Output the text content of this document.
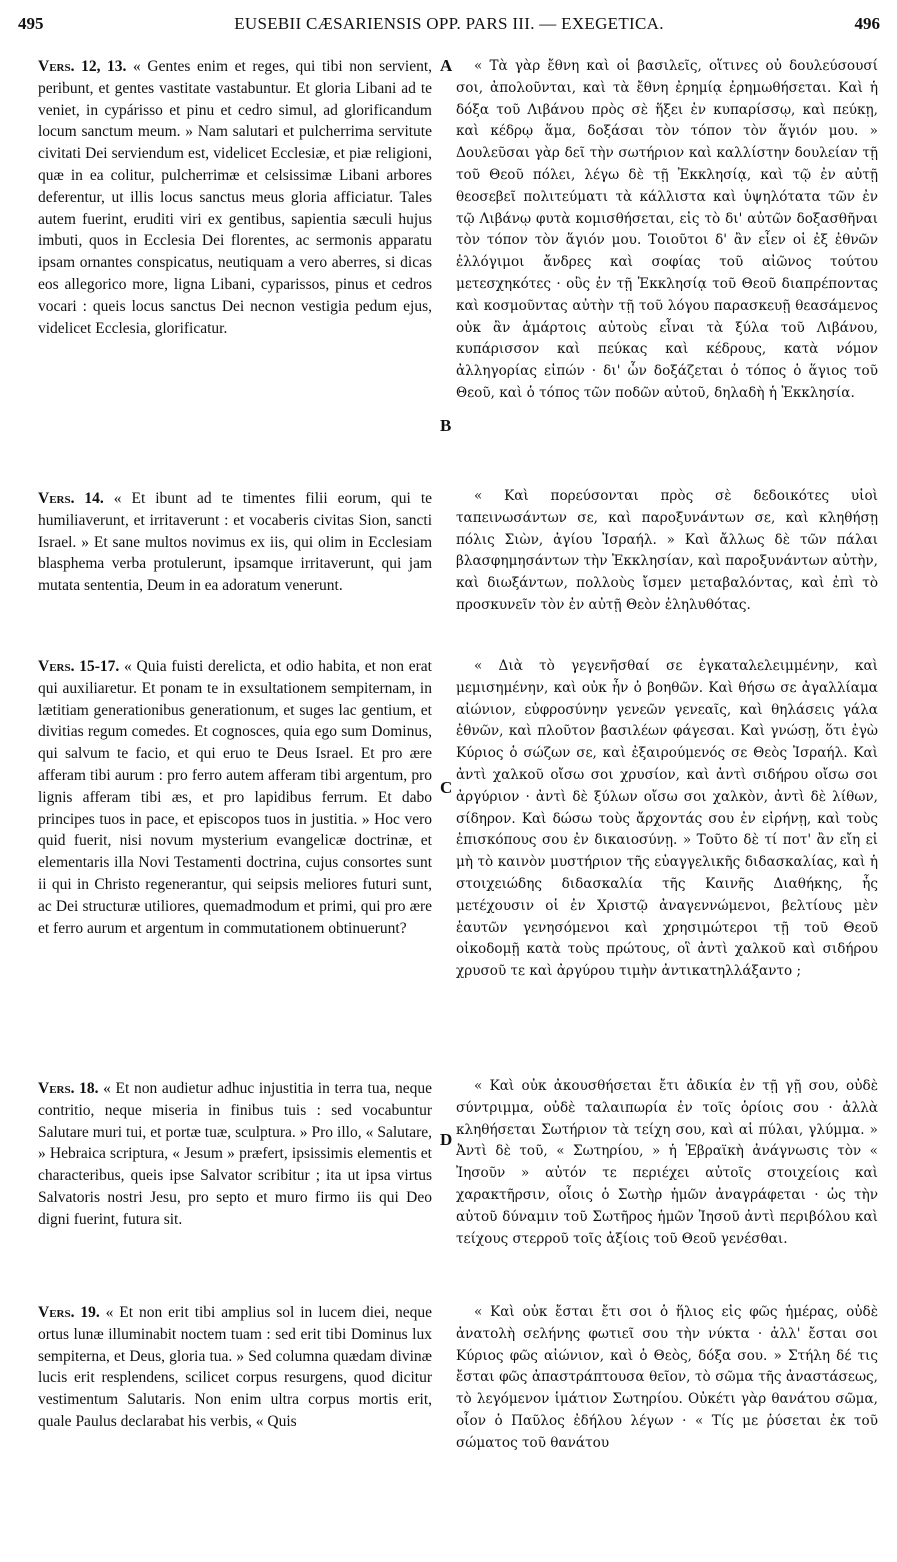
495	EUSEBII CÆSARIENSIS OPP. PARS III. — EXEGETICA.	496
A
B
C
D

Vers. 12, 13. « Gentes enim et reges, qui tibi non servient, peribunt, et gentes vastitate vastabuntur. Et gloria Libani ad te veniet, in cypárisso et pinu et cedro simul, ad glorificandum locum sanctum meum. » Nam salutari et pulcherrima servitute civitati Dei serviendum est, videlicet Ecclesiæ, et piæ religioni, quæ in ea colitur, pulcherrimæ et celsissimæ Libani arbores deferentur, ut illis locus sanctus meus gloria afficiatur. Tales autem fuerint, eruditi viri ex gentibus, sapientia sæculi hujus imbuti, quos in Ecclesia Dei florentes, ac sermonis apparatu ipsam ornantes conspicatus, neutiquam a vero aberres, si dicas eos allegorico more, ligna Libani, cyparissos, pinus et cedros vocari : queis locus sanctus Dei necnon vestigia pedum ejus, videlicet Ecclesia, glorificatur.

Vers. 14. « Et ibunt ad te timentes filii eorum, qui te humiliaverunt, et irritaverunt : et vocaberis civitas Sion, sancti Israel. » Et sane multos novimus ex iis, qui olim in Ecclesiam blasphema verba protulerunt, ipsamque irritaverunt, qui jam mutata sententia, Deum in ea adoratum venerunt.

Vers. 15-17. « Quia fuisti derelicta, et odio habita, et non erat qui auxiliaretur. Et ponam te in exsultationem sempiternam, in lætitiam generationibus generationum, et suges lac gentium, et divitias regum comedes. Et cognosces, quia ego sum Dominus, qui salvum te facio, et qui eruo te Deus Israel. Et pro ære afferam tibi aurum : pro ferro autem afferam tibi argentum, pro lignis afferam tibi æs, et pro lapidibus ferrum. Et dabo principes tuos in pace, et episcopos tuos in justitia. » Hoc vero quid fuerit, nisi novum mysterium evangelicæ doctrinæ, et elementaris illa Novi Testamenti doctrina, cujus consortes sunt ii qui in Christo regenerantur, qui seipsis meliores futuri sunt, ac Dei structuræ utiliores, quemadmodum et primi, qui pro ære et ferro aurum et argentum in commutationem obtinuerunt?

Vers. 18. « Et non audietur adhuc injustitia in terra tua, neque contritio, neque miseria in finibus tuis : sed vocabuntur Salutare muri tui, et portæ tuæ, sculptura. » Pro illo, « Salutare, » Hebraica scriptura, « Jesum » præfert, ipsissimis elementis et characteribus, queis ipse Salvator scribitur ; ita ut ipsa virtus Salvatoris nostri Jesu, pro septo et muro firmo iis qui Deo digni fuerint, futura sit.

Vers. 19. « Et non erit tibi amplius sol in lucem diei, neque ortus lunæ illuminabit noctem tuam : sed erit tibi Dominus lux sempiterna, et Deus, gloria tua. » Sed columna quædam divinæ lucis erit resplendens, scilicet corpus resurgens, quod dicitur vestimentum Salutaris. Non enim ultra corpus mortis erit, quale Paulus declarabat his verbis, « Quis

« Τὰ γὰρ ἔθνη καὶ οἱ βασιλεῖς, οἵτινες οὐ δουλεύσουσί σοι, ἀπολοῦνται, καὶ τὰ ἔθνη ἐρημίᾳ ἐρημωθήσεται. Καὶ ἡ δόξα τοῦ Λιβάνου πρὸς σὲ ἥξει ἐν κυπαρίσσῳ, καὶ πεύκῃ, καὶ κέδρῳ ἅμα, δοξάσαι τὸν τόπον τὸν ἅγιόν μου. » Δουλεῦσαι γὰρ δεῖ τὴν σωτήριον καὶ καλλίστην δουλείαν τῇ τοῦ Θεοῦ πόλει, λέγω δὲ τῇ Ἐκκλησίᾳ, καὶ τῷ ἐν αὐτῇ θεοσεβεῖ πολιτεύματι τὰ κάλλιστα καὶ ὑψηλότατα τῶν ἐν τῷ Λιβάνῳ φυτὰ κομισθήσεται, εἰς τὸ δι' αὐτῶν δοξασθῆναι τὸν τόπον τὸν ἅγιόν μου. Τοιοῦτοι δ' ἂν εἶεν οἱ ἐξ ἐθνῶν ἐλλόγιμοι ἄνδρες καὶ σοφίας τοῦ αἰῶνος τούτου μετεσχηκότες · οὓς ἐν τῇ Ἐκκλησίᾳ τοῦ Θεοῦ διαπρέποντας καὶ κοσμοῦντας αὐτὴν τῇ τοῦ λόγου παρασκευῇ θεασάμενος οὐκ ἂν ἁμάρτοις αὐτοὺς εἶναι τὰ ξύλα τοῦ Λιβάνου, κυπάρισσον καὶ πεύκας καὶ κέδρους, κατὰ νόμον ἀλληγορίας εἰπών · δι' ὧν δοξάζεται ὁ τόπος ὁ ἅγιος τοῦ Θεοῦ, καὶ ὁ τόπος τῶν ποδῶν αὐτοῦ, δηλαδὴ ἡ Ἐκκλησία.

« Καὶ πορεύσονται πρὸς σὲ δεδοικότες υἱοὶ ταπεινωσάντων σε, καὶ παροξυνάντων σε, καὶ κληθήσῃ πόλις Σιὼν, ἁγίου Ἰσραήλ. » Καὶ ἄλλως δὲ τῶν πάλαι βλασφημησάντων τὴν Ἐκκλησίαν, καὶ παροξυνάντων αὐτὴν, καὶ διωξάντων, πολλοὺς ἴσμεν μεταβαλόντας, καὶ ἐπὶ τὸ προσκυνεῖν τὸν ἐν αὐτῇ Θεὸν ἐληλυθότας.

« Διὰ τὸ γεγενῆσθαί σε ἐγκαταλελειμμένην, καὶ μεμισημένην, καὶ οὐκ ἦν ὁ βοηθῶν. Καὶ θήσω σε ἀγαλλίαμα αἰώνιον, εὐφροσύνην γενεῶν γενεαῖς, καὶ θηλάσεις γάλα ἐθνῶν, καὶ πλοῦτον βασιλέων φάγεσαι. Καὶ γνώσῃ, ὅτι ἐγὼ Κύριος ὁ σώζων σε, καὶ ἐξαιρούμενός σε Θεὸς Ἰσραήλ. Καὶ ἀντὶ χαλκοῦ οἴσω σοι χρυσίον, καὶ ἀντὶ σιδήρου οἴσω σοι ἀργύριον · ἀντὶ δὲ ξύλων οἴσω σοι χαλκὸν, ἀντὶ δὲ λίθων, σίδηρον. Καὶ δώσω τοὺς ἄρχοντάς σου ἐν εἰρήνῃ, καὶ τοὺς ἐπισκόπους σου ἐν δικαιοσύνῃ. » Τοῦτο δὲ τί ποτ' ἂν εἴη εἰ μὴ τὸ καινὸν μυστήριον τῆς εὐαγγελικῆς διδασκαλίας, καὶ ἡ στοιχειώδης διδασκαλία τῆς Καινῆς Διαθήκης, ἧς μετέχουσιν οἱ ἐν Χριστῷ ἀναγεννώμενοι, βελτίους μὲν ἑαυτῶν γενησόμενοι καὶ χρησιμώτεροι τῇ τοῦ Θεοῦ οἰκοδομῇ κατὰ τοὺς πρώτους, οἳ ἀντὶ χαλκοῦ καὶ σιδήρου χρυσοῦ τε καὶ ἀργύρου τιμὴν ἀντικατηλλάξαντο ;

« Καὶ οὐκ ἀκουσθήσεται ἔτι ἀδικία ἐν τῇ γῇ σου, οὐδὲ σύντριμμα, οὐδὲ ταλαιπωρία ἐν τοῖς ὁρίοις σου · ἀλλὰ κληθήσεται Σωτήριον τὰ τείχη σου, καὶ αἱ πύλαι, γλύμμα. » Ἀντὶ δὲ τοῦ, « Σωτηρίου, » ἡ Ἑβραϊκὴ ἀνάγνωσις τὸν « Ἰησοῦν » αὐτόν τε περιέχει αὐτοῖς στοιχείοις καὶ χαρακτῆρσιν, οἷοις ὁ Σωτὴρ ἡμῶν ἀναγράφεται · ὡς τὴν αὐτοῦ δύναμιν τοῦ Σωτῆρος ἡμῶν Ἰησοῦ ἀντὶ περιβόλου καὶ τείχους στερροῦ τοῖς ἀξίοις τοῦ Θεοῦ γενέσθαι.

« Καὶ οὐκ ἔσται ἔτι σοι ὁ ἥλιος εἰς φῶς ἡμέρας, οὐδὲ ἀνατολὴ σελήνης φωτιεῖ σου τὴν νύκτα · ἀλλ' ἔσται σοι Κύριος φῶς αἰώνιον, καὶ ὁ Θεὸς, δόξα σου. » Στήλη δέ τις ἔσται φῶς ἀπαστράπτουσα θεῖον, τὸ σῶμα τῆς ἀναστάσεως, τὸ λεγόμενον ἱμάτιον Σωτηρίου. Οὐκέτι γὰρ θανάτου σῶμα, οἷον ὁ Παῦλος ἐδήλου λέγων · « Τίς με ῥύσεται ἐκ τοῦ σώματος τοῦ θανάτου
